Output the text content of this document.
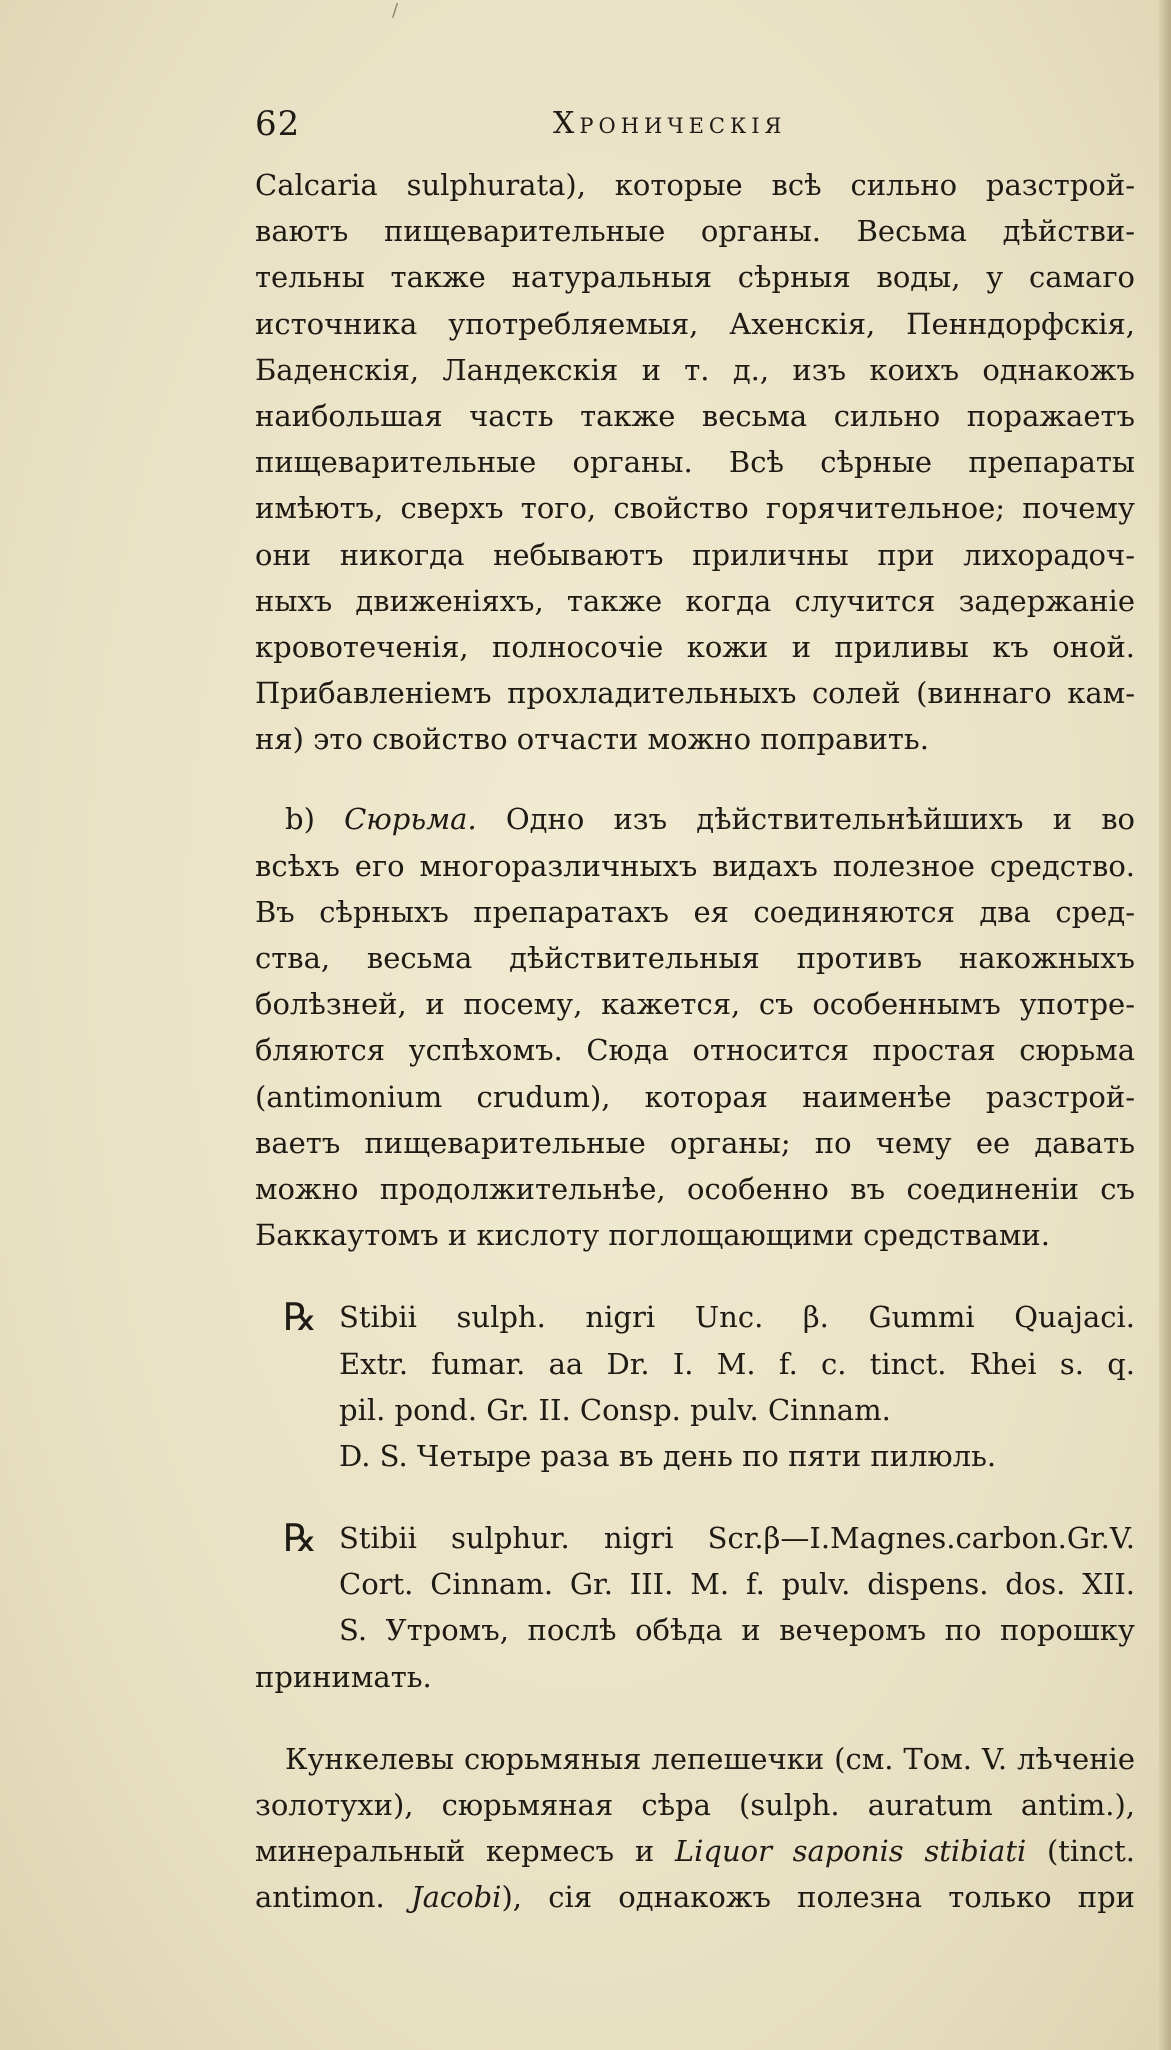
/
62	Хроническія
Calcaria sulphurata), которые всѣ сильно разстрой-
ваютъ пищеварительные органы. Весьма дѣйстви-
тельны также натуральныя сѣрныя воды, у самаго
источника употребляемыя, Ахенскія, Пенндорфскія,
Баденскія, Ландекскія и т. д., изъ коихъ однакожъ
наибольшая часть также весьма сильно поражаетъ
пищеварительные органы. Всѣ сѣрные препараты
имѣютъ, сверхъ того, свойство горячительное; почему
они никогда небываютъ приличны при лихорадоч-
ныхъ движеніяхъ, также когда случится задержаніе
кровотеченія, полносочіе кожи и приливы къ оной.
Прибавленіемъ прохладительныхъ солей (виннаго кам-
ня) это свойство отчасти можно поправить.
b) Сюрьма. Одно изъ дѣйствительнѣйшихъ и во
всѣхъ его многоразличныхъ видахъ полезное средство.
Въ сѣрныхъ препаратахъ ея соединяются два сред-
ства, весьма дѣйствительныя противъ накожныхъ
болѣзней, и посему, кажется, съ особеннымъ употре-
бляются успѣхомъ. Сюда относится простая сюрьма
(antimonium crudum), которая наименѣе разстрой-
ваетъ пищеварительные органы; по чему ее давать
можно продолжительнѣе, особенно въ соединеніи съ
Баккаутомъ и кислоту поглощающими средствами.
℞ Stibii sulph. nigri Unc. β. Gummi Quajaci.
Extr. fumar. aa Dr. I. M. f. c. tinct. Rhei s. q.
pil. pond. Gr. II. Consp. pulv. Cinnam.
D. S. Четыре раза въ день по пяти пилюль.
℞ Stibii sulphur. nigri Scr.β—I.Magnes.carbon.Gr.V.
Cort. Cinnam. Gr. III. M. f. pulv. dispens. dos. XII.
S. Утромъ, послѣ обѣда и вечеромъ по порошку
принимать.
Кункелевы сюрьмяныя лепешечки (см. Том. V. лѣченіе
золотухи), сюрьмяная сѣра (sulph. auratum antim.),
минеральный кермесъ и Liquor saponis stibiati (tinct.
antimon. Jacobi), сія однакожъ полезна только при
